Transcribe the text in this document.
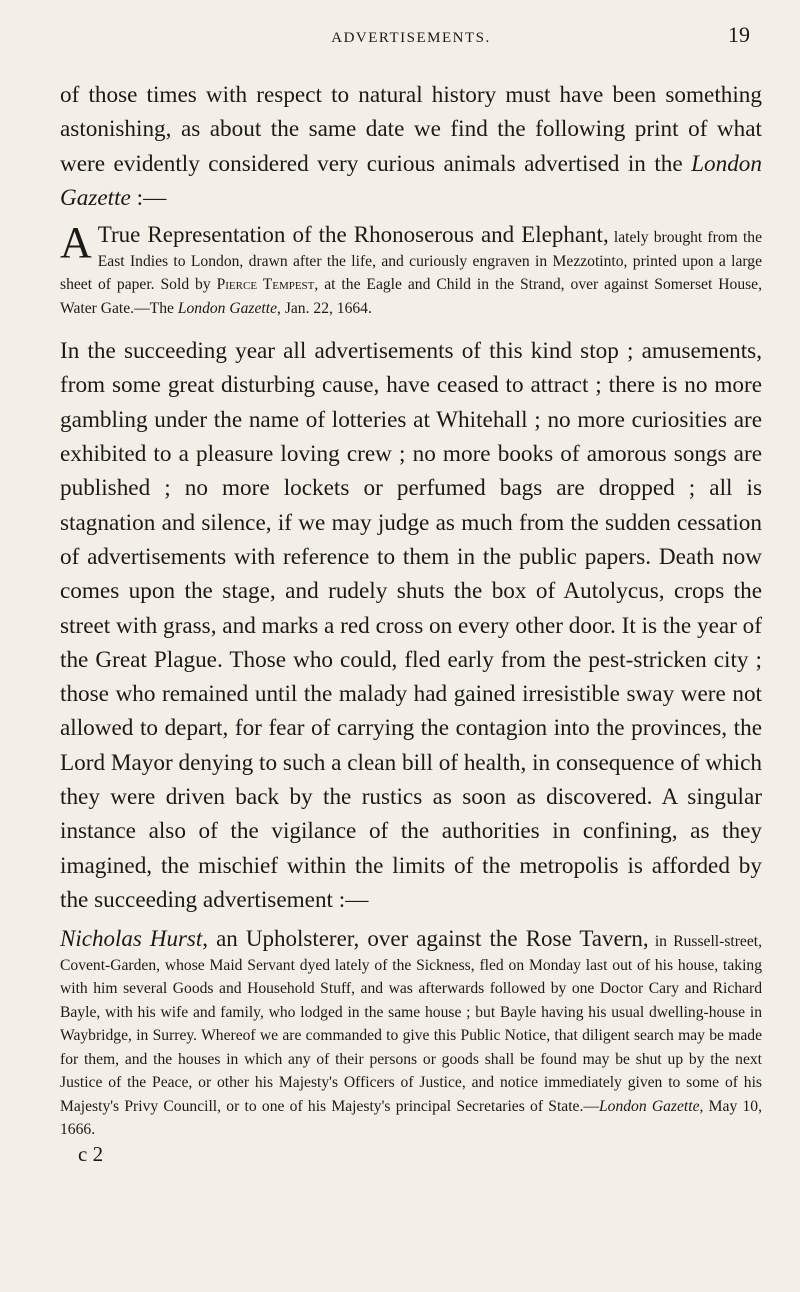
ADVERTISEMENTS.	19

of those times with respect to natural history must have been something astonishing, as about the same date we find the following print of what were evidently considered very curious animals advertised in the London Gazette :—

A True Representation of the Rhonoserous and Elephant, lately brought from the East Indies to London, drawn after the life, and curiously engraven in Mezzotinto, printed upon a large sheet of paper. Sold by Pierce Tempest, at the Eagle and Child in the Strand, over against Somerset House, Water Gate.—The London Gazette, Jan. 22, 1664.

In the succeeding year all advertisements of this kind stop ; amusements, from some great disturbing cause, have ceased to attract ; there is no more gambling under the name of lotteries at Whitehall ; no more curiosities are exhibited to a pleasure loving crew ; no more books of amorous songs are published ; no more lockets or perfumed bags are dropped ; all is stagnation and silence, if we may judge as much from the sudden cessation of advertisements with reference to them in the public papers. Death now comes upon the stage, and rudely shuts the box of Autolycus, crops the street with grass, and marks a red cross on every other door. It is the year of the Great Plague. Those who could, fled early from the pest-stricken city ; those who remained until the malady had gained irresistible sway were not allowed to depart, for fear of carrying the contagion into the provinces, the Lord Mayor denying to such a clean bill of health, in consequence of which they were driven back by the rustics as soon as discovered. A singular instance also of the vigilance of the authorities in confining, as they imagined, the mischief within the limits of the metropolis is afforded by the succeeding advertisement :—

Nicholas Hurst, an Upholsterer, over against the Rose Tavern, in Russell-street, Covent-Garden, whose Maid Servant dyed lately of the Sickness, fled on Monday last out of his house, taking with him several Goods and Household Stuff, and was afterwards followed by one Doctor Cary and Richard Bayle, with his wife and family, who lodged in the same house ; but Bayle having his usual dwelling-house in Waybridge, in Surrey. Whereof we are commanded to give this Public Notice, that diligent search may be made for them, and the houses in which any of their persons or goods shall be found may be shut up by the next Justice of the Peace, or other his Majesty's Officers of Justice, and notice immediately given to some of his Majesty's Privy Councill, or to one of his Majesty's principal Secretaries of State.—London Gazette, May 10, 1666.

c 2
